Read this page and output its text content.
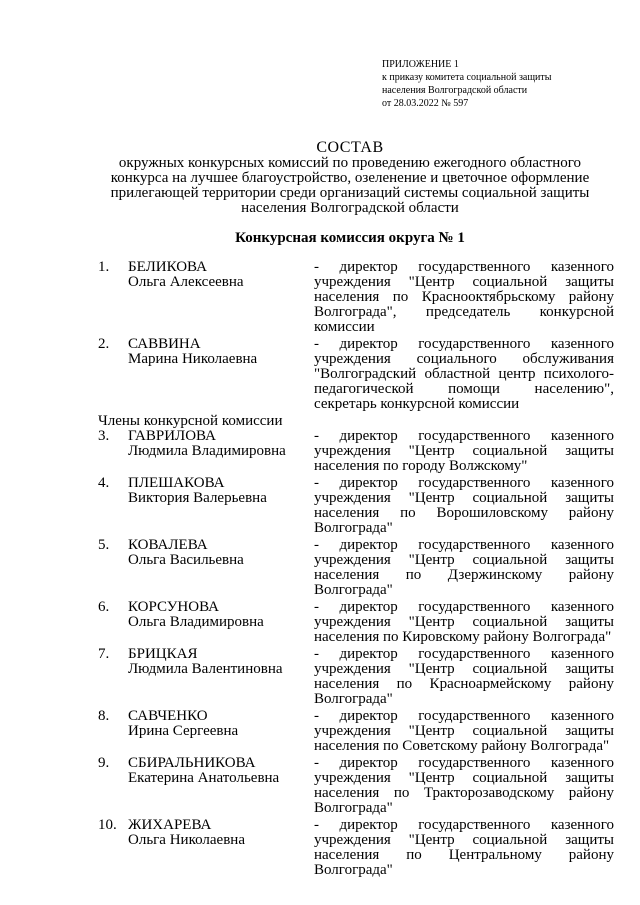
ПРИЛОЖЕНИЕ 1
к приказу комитета социальной защиты
населения Волгоградской области
от 28.03.2022 № 597
СОСТАВ
окружных конкурсных комиссий по проведению ежегодного областного
конкурса на лучшее благоустройство, озеленение и цветочное оформление
прилегающей территории среди организаций системы социальной защиты
населения Волгоградской области
Конкурсная комиссия округа № 1
1.	БЕЛИКОВА
Ольга Алексеевна
- директор государственного казенного учреждения "Центр социальной защиты населения по Краснооктябрьскому району Волгограда", председатель конкурсной комиссии
2.	САВВИНА
Марина Николаевна
- директор государственного казенного учреждения социального обслуживания "Волгоградский областной центр психолого-педагогической помощи населению", секретарь конкурсной комиссии
Члены конкурсной комиссии
3.	ГАВРИЛОВА
Людмила Владимировна
- директор государственного казенного учреждения "Центр социальной защиты населения по городу Волжскому"
4.	ПЛЕШАКОВА
Виктория Валерьевна
- директор государственного казенного учреждения "Центр социальной защиты населения по Ворошиловскому району Волгограда"
5.	КОВАЛЕВА
Ольга Васильевна
- директор государственного казенного учреждения "Центр социальной защиты населения по Дзержинскому району Волгограда"
6.	КОРСУНОВА
Ольга Владимировна
- директор государственного казенного учреждения "Центр социальной защиты населения по Кировскому району Волгограда"
7.	БРИЦКАЯ
Людмила Валентиновна
- директор государственного казенного учреждения "Центр социальной защиты населения по Красноармейскому району Волгограда"
8.	САВЧЕНКО
Ирина Сергеевна
- директор государственного казенного учреждения "Центр социальной защиты населения по Советскому району Волгограда"
9.	СБИРАЛЬНИКОВА
Екатерина Анатольевна
- директор государственного казенного учреждения "Центр социальной защиты населения по Тракторозаводскому району Волгограда"
10. ЖИХАРЕВА
Ольга Николаевна
- директор государственного казенного учреждения "Центр социальной защиты населения по Центральному району Волгограда"
